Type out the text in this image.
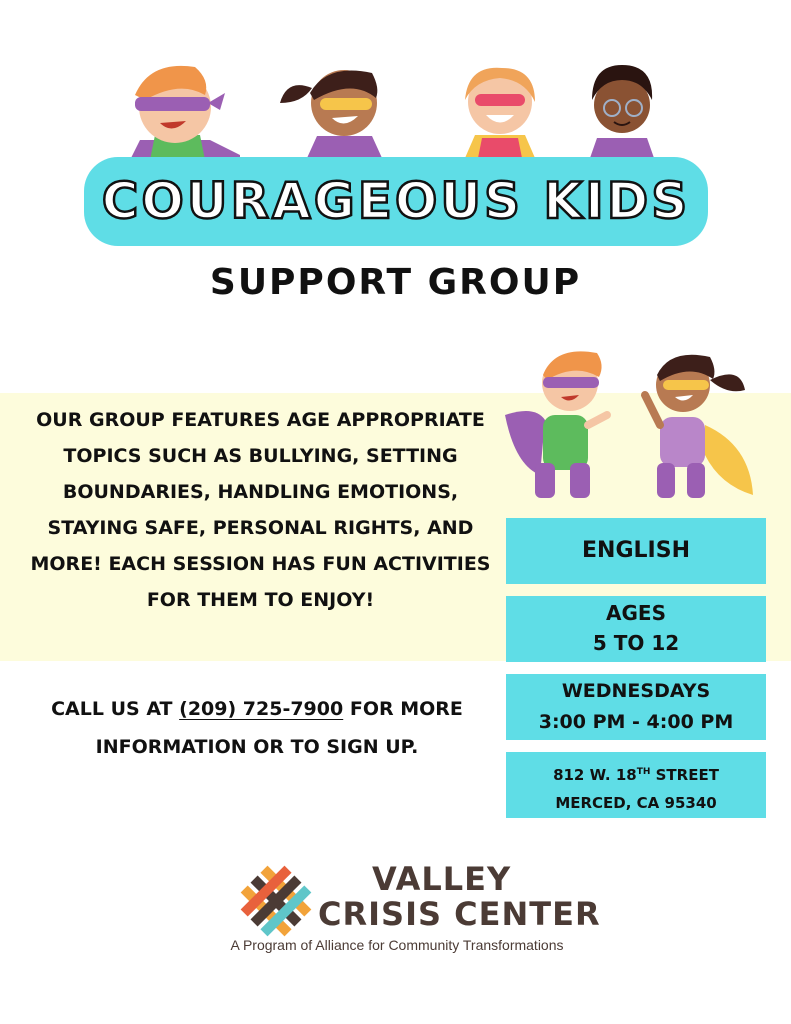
COURAGEOUS KIDS
SUPPORT GROUP
OUR GROUP FEATURES AGE APPROPRIATE TOPICS SUCH AS BULLYING, SETTING BOUNDARIES, HANDLING EMOTIONS, STAYING SAFE, PERSONAL RIGHTS, AND MORE! EACH SESSION HAS FUN ACTIVITIES FOR THEM TO ENJOY!
CALL US AT (209) 725-7900 FOR MORE INFORMATION OR TO SIGN UP.
ENGLISH
AGES
5 TO 12
WEDNESDAYS
3:00 PM - 4:00 PM
812 W. 18TH STREET
MERCED, CA 95340
VALLEY
CRISIS CENTER
A Program of Alliance for Community Transformations
